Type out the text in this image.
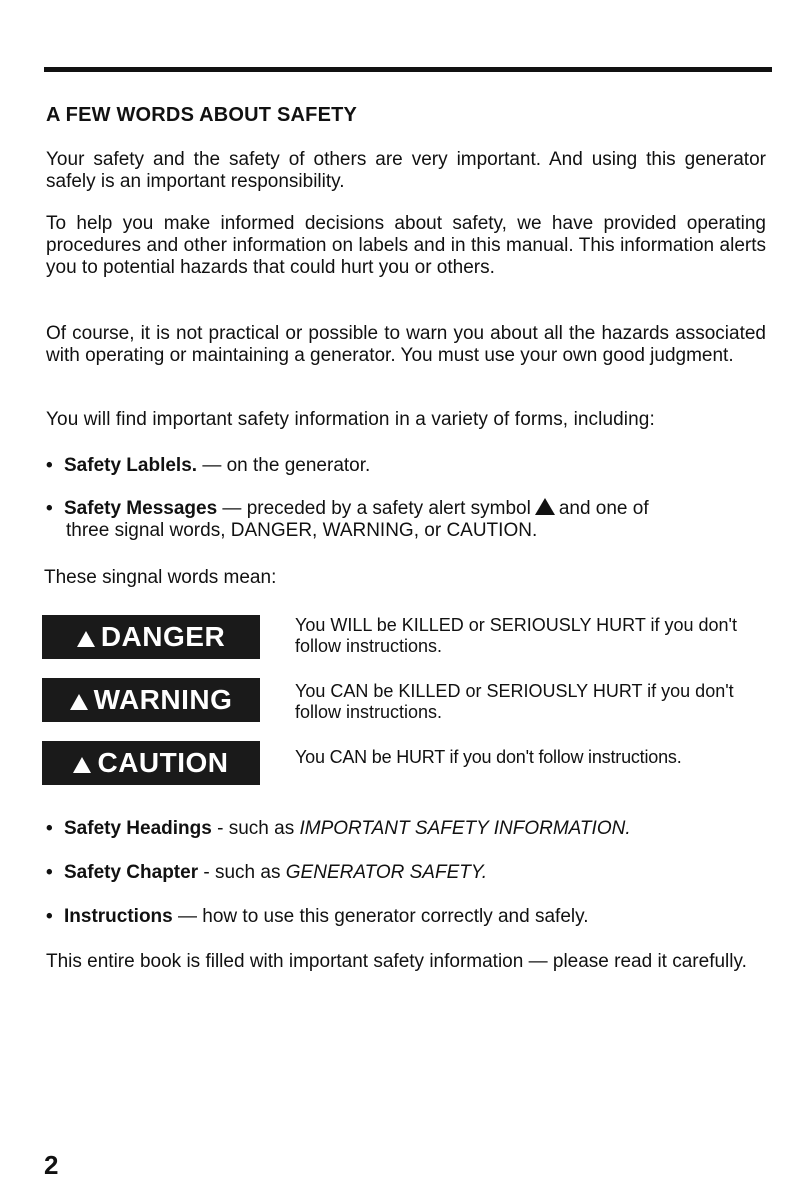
A FEW WORDS ABOUT SAFETY
Your safety and the safety of others are very important. And using this generator safely is an important responsibility.
To help you make informed decisions about safety, we have provided operating procedures and other information on labels and in this manual. This information alerts you to potential hazards that could hurt you or others.
Of course, it is not practical or possible to warn you about all the hazards associated with operating or maintaining a generator. You must use your own good judgment.
You will find important safety information in a variety of forms, including:
• Safety Lablels. — on the generator.
• Safety Messages — preceded by a safety alert symbol and one of
three signal words, DANGER, WARNING, or CAUTION.
These singnal words mean:
DANGER	You WILL be KILLED or SERIOUSLY HURT if you don't follow instructions.
WARNING	You CAN be KILLED or SERIOUSLY HURT if you don't follow instructions.
CAUTION	You CAN be HURT if you don't follow instructions.
• Safety Headings - such as IMPORTANT SAFETY INFORMATION.
• Safety Chapter - such as GENERATOR SAFETY.
• Instructions — how to use this generator correctly and safely.
This entire book is filled with important safety information — please read it carefully.
2
